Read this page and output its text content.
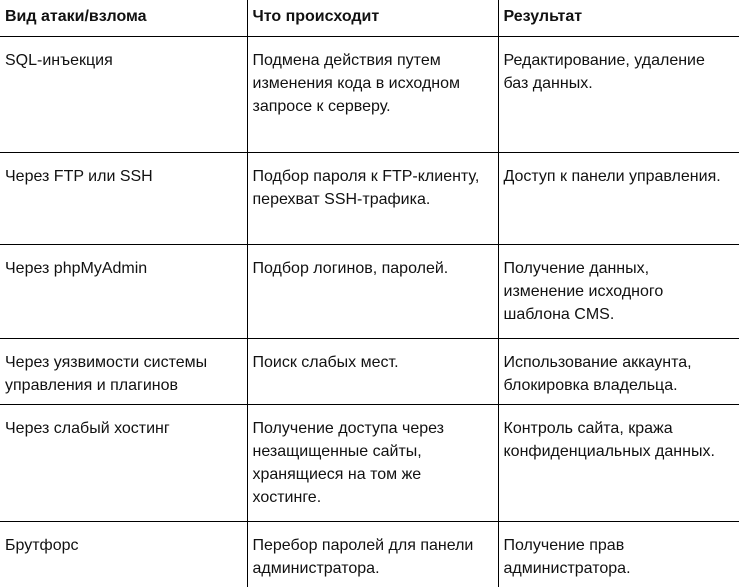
Вид атаки/взлома	Что происходит	Результат
SQL-инъекция	Подмена действия путем изменения кода в исходном запросе к серверу.	Редактирование, удаление баз данных.
Через FTP или SSH	Подбор пароля к FTP-клиенту, перехват SSH-трафика.	Доступ к панели управления.
Через phpMyAdmin	Подбор логинов, паролей.	Получение данных, изменение исходного шаблона CMS.
Через уязвимости системы управления и плагинов	Поиск слабых мест.	Использование аккаунта, блокировка владельца.
Через слабый хостинг	Получение доступа через незащищенные сайты, хранящиеся на том же хостинге.	Контроль сайта, кража конфиденциальных данных.
Брутфорс	Перебор паролей для панели администратора.	Получение прав администратора.
